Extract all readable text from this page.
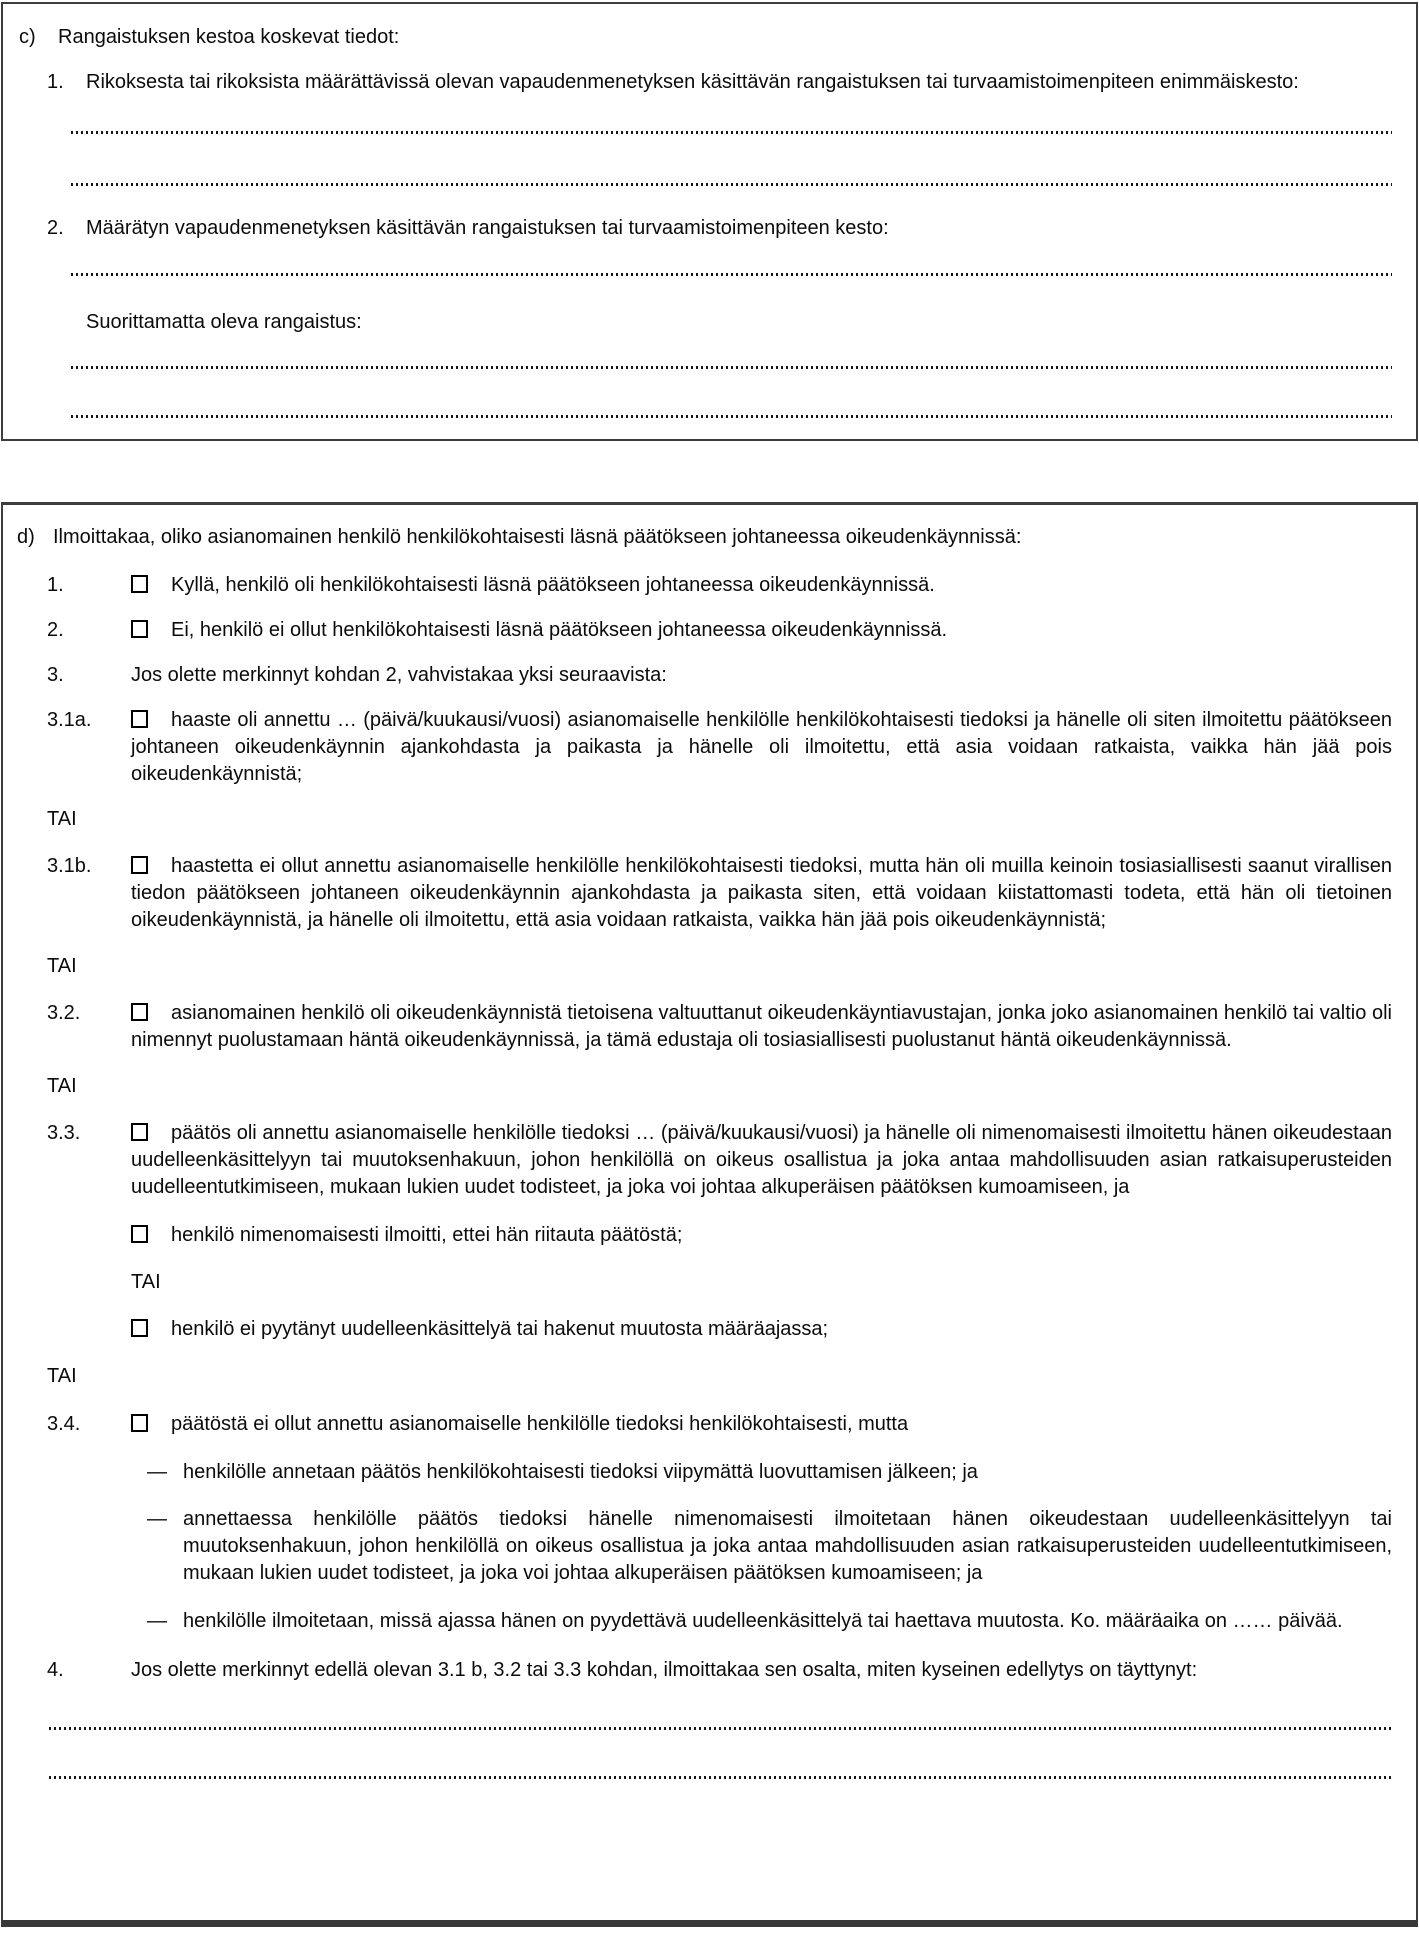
c) Rangaistuksen kestoa koskevat tiedot:
1. Rikoksesta tai rikoksista määrättävissä olevan vapaudenmenetyksen käsittävän rangaistuksen tai turvaamistoimenpiteen enimmäiskesto:
2. Määrätyn vapaudenmenetyksen käsittävän rangaistuksen tai turvaamistoimenpiteen kesto:
Suorittamatta oleva rangaistus:
d) Ilmoittakaa, oliko asianomainen henkilö henkilökohtaisesti läsnä päätökseen johtaneessa oikeudenkäynnissä:
1.	Kyllä, henkilö oli henkilökohtaisesti läsnä päätökseen johtaneessa oikeudenkäynnissä.
2.	Ei, henkilö ei ollut henkilökohtaisesti läsnä päätökseen johtaneessa oikeudenkäynnissä.
3.	Jos olette merkinnyt kohdan 2, vahvistakaa yksi seuraavista:
3.1a.	haaste oli annettu … (päivä/kuukausi/vuosi) asianomaiselle henkilölle henkilökohtaisesti tiedoksi ja hänelle oli siten ilmoitettu päätökseen johtaneen oikeudenkäynnin ajankohdasta ja paikasta ja hänelle oli ilmoitettu, että asia voidaan ratkaista, vaikka hän jää pois oikeudenkäynnistä;
TAI
3.1b.	haastetta ei ollut annettu asianomaiselle henkilölle henkilökohtaisesti tiedoksi, mutta hän oli muilla keinoin tosiasiallisesti saanut virallisen tiedon päätökseen johtaneen oikeudenkäynnin ajankohdasta ja paikasta siten, että voidaan kiistattomasti todeta, että hän oli tietoinen oikeudenkäynnistä, ja hänelle oli ilmoitettu, että asia voidaan ratkaista, vaikka hän jää pois oikeudenkäynnistä;
TAI
3.2.	asianomainen henkilö oli oikeudenkäynnistä tietoisena valtuuttanut oikeudenkäyntiavustajan, jonka joko asianomainen henkilö tai valtio oli nimennyt puolustamaan häntä oikeudenkäynnissä, ja tämä edustaja oli tosiasiallisesti puolustanut häntä oikeudenkäynnissä.
TAI
3.3.	päätös oli annettu asianomaiselle henkilölle tiedoksi … (päivä/kuukausi/vuosi) ja hänelle oli nimenomaisesti ilmoitettu hänen oikeudestaan uudelleenkäsittelyyn tai muutoksenhakuun, johon henkilöllä on oikeus osallistua ja joka antaa mahdollisuuden asian ratkaisuperusteiden uudelleentutkimiseen, mukaan lukien uudet todisteet, ja joka voi johtaa alkuperäisen päätöksen kumoamiseen, ja
henkilö nimenomaisesti ilmoitti, ettei hän riitauta päätöstä;
TAI
henkilö ei pyytänyt uudelleenkäsittelyä tai hakenut muutosta määräajassa;
TAI
3.4.	päätöstä ei ollut annettu asianomaiselle henkilölle tiedoksi henkilökohtaisesti, mutta
— henkilölle annetaan päätös henkilökohtaisesti tiedoksi viipymättä luovuttamisen jälkeen; ja
— annettaessa henkilölle päätös tiedoksi hänelle nimenomaisesti ilmoitetaan hänen oikeudestaan uudelleenkäsittelyyn tai muutoksenhakuun, johon henkilöllä on oikeus osallistua ja joka antaa mahdollisuuden asian ratkaisuperusteiden uudelleentutkimiseen, mukaan lukien uudet todisteet, ja joka voi johtaa alkuperäisen päätöksen kumoamiseen; ja
— henkilölle ilmoitetaan, missä ajassa hänen on pyydettävä uudelleenkäsittelyä tai haettava muutosta. Ko. määräaika on …… päivää.
4.	Jos olette merkinnyt edellä olevan 3.1 b, 3.2 tai 3.3 kohdan, ilmoittakaa sen osalta, miten kyseinen edellytys on täyttynyt:
